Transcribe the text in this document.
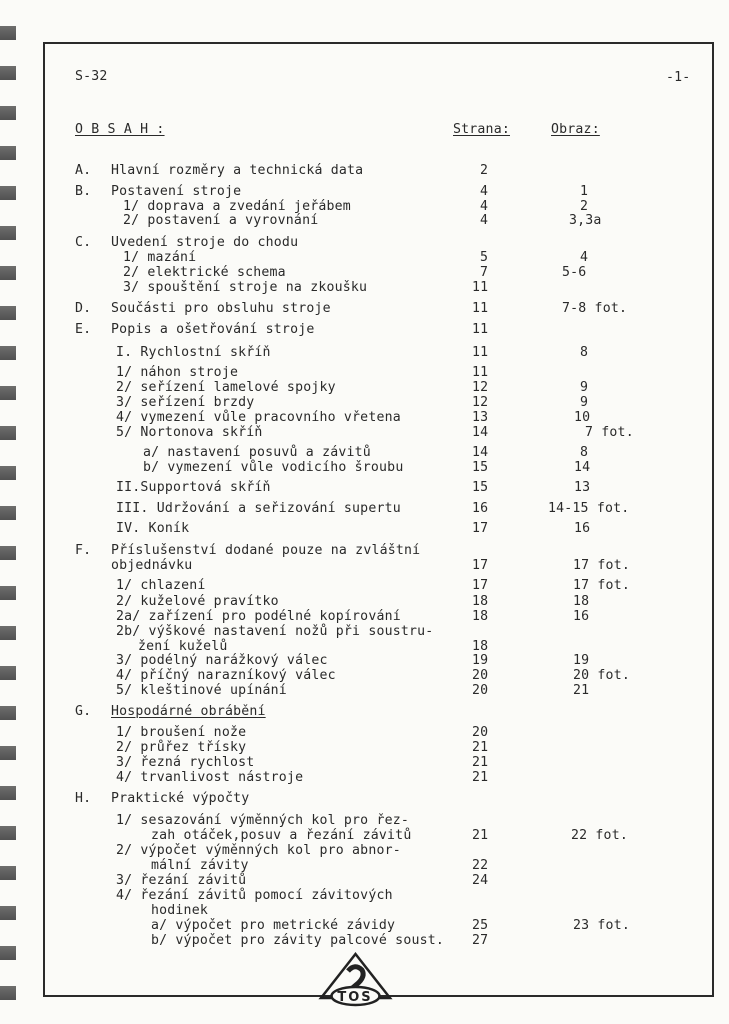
S-32	-1-
O B S A H :	Strana:	Obraz:
A. Hlavní rozměry a technická data	2
B. Postavení stroje	4	1
1/ doprava a zvedání jeřábem	4	2
2/ postavení a vyrovnání	4	3,3a
C. Uvedení stroje do chodu
1/ mazání	5	4
2/ elektrické schema	7	5-6
3/ spouštění stroje na zkoušku	11
D. Součásti pro obsluhu stroje	11	7-8 fot.
E. Popis a ošetřování stroje	11
I. Rychlostní skříň	11	8
1/ náhon stroje	11
2/ seřízení lamelové spojky	12	9
3/ seřízení brzdy	12	9
4/ vymezení vůle pracovního vřetena	13	10
5/ Nortonova skříň	14	7 fot.
a/ nastavení posuvů a závitů	14	8
b/ vymezení vůle vodicího šroubu	15	14
II.Supportová skříň	15	13
III. Udržování a seřizování supertu	16	14-15 fot.
IV. Koník	17	16
F. Příslušenství dodané pouze na zvláštní
objednávku	17	17 fot.
1/ chlazení	17	17 fot.
2/ kuželové pravítko	18	18
2a/ zařízení pro podélné kopírování	18	16
2b/ výškové nastavení nožů při soustru-
žení kuželů	18
3/ podélný narážkový válec	19	19
4/ příčný narazníkový válec	20	20 fot.
5/ kleštinové upínání	20	21
G. Hospodárné obrábění
1/ broušení nože	20
2/ průřez třísky	21
3/ řezná rychlost	21
4/ trvanlivost nástroje	21
H. Praktické výpočty
1/ sesazování výměnných kol pro řez-
zah otáček,posuv a řezání závitů	21	22 fot.
2/ výpočet výměnných kol pro abnor-
mální závity	22
3/ řezání závitů	24
4/ řezání závitů pomocí závitových
hodinek
a/ výpočet pro metrické závidy	25	23 fot.
b/ výpočet pro závity palcové soust. 27
TOS
